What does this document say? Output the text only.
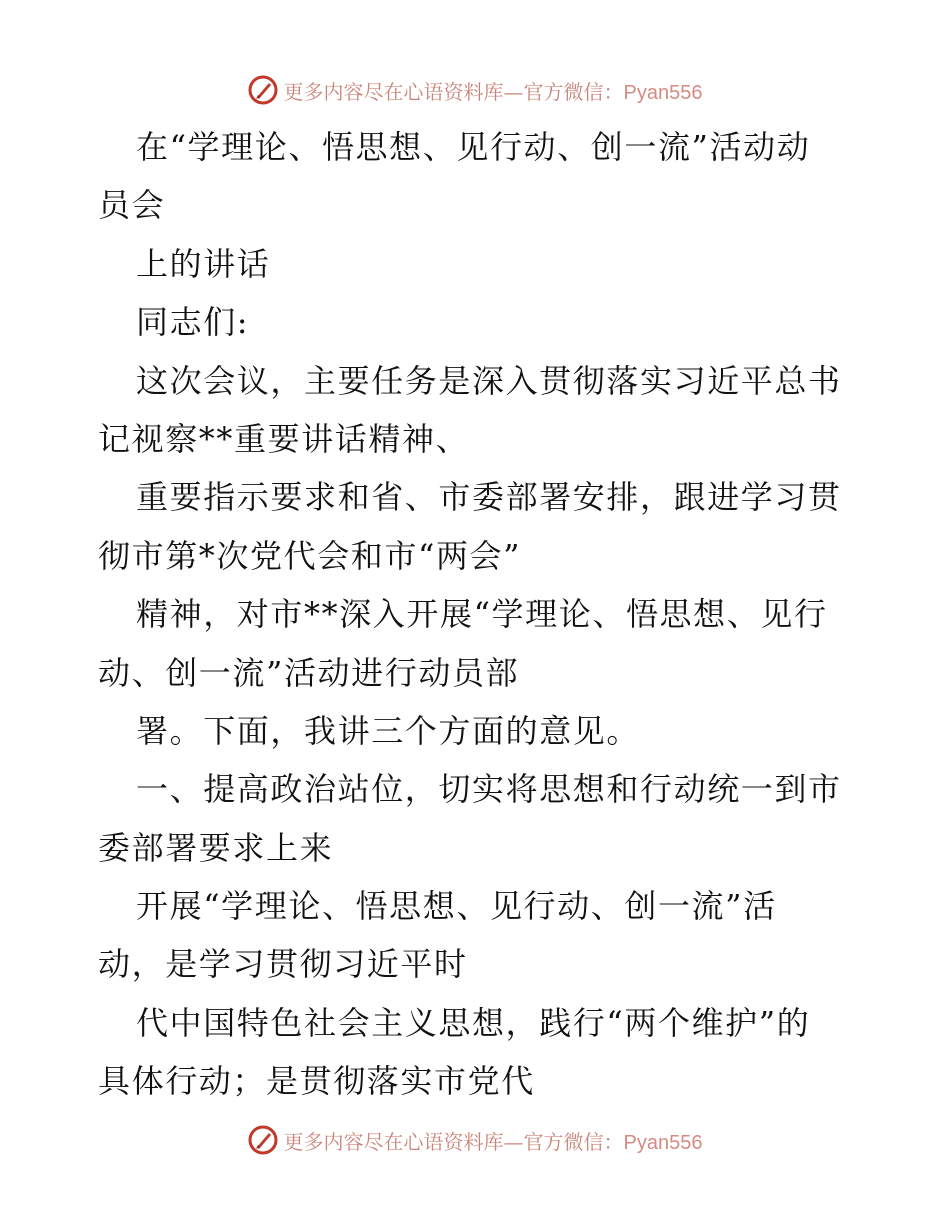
更多内容尽在心语资料库—官方微信：Pyan556
在“学理论、悟思想、见行动、创一流”活动动
员会
上的讲话
同志们:
这次会议，主要任务是深入贯彻落实习近平总书
记视察**重要讲话精神、
重要指示要求和省、市委部署安排，跟进学习贯
彻市第*次党代会和市“两会”
精神，对市**深入开展“学理论、悟思想、见行
动、创一流”活动进行动员部
署。下面，我讲三个方面的意见。
一、提高政治站位，切实将思想和行动统一到市
委部署要求上来
开展“学理论、悟思想、见行动、创一流”活
动，是学习贯彻习近平时
代中国特色社会主义思想，践行“两个维护”的
具体行动；是贯彻落实市党代
更多内容尽在心语资料库—官方微信：Pyan556
